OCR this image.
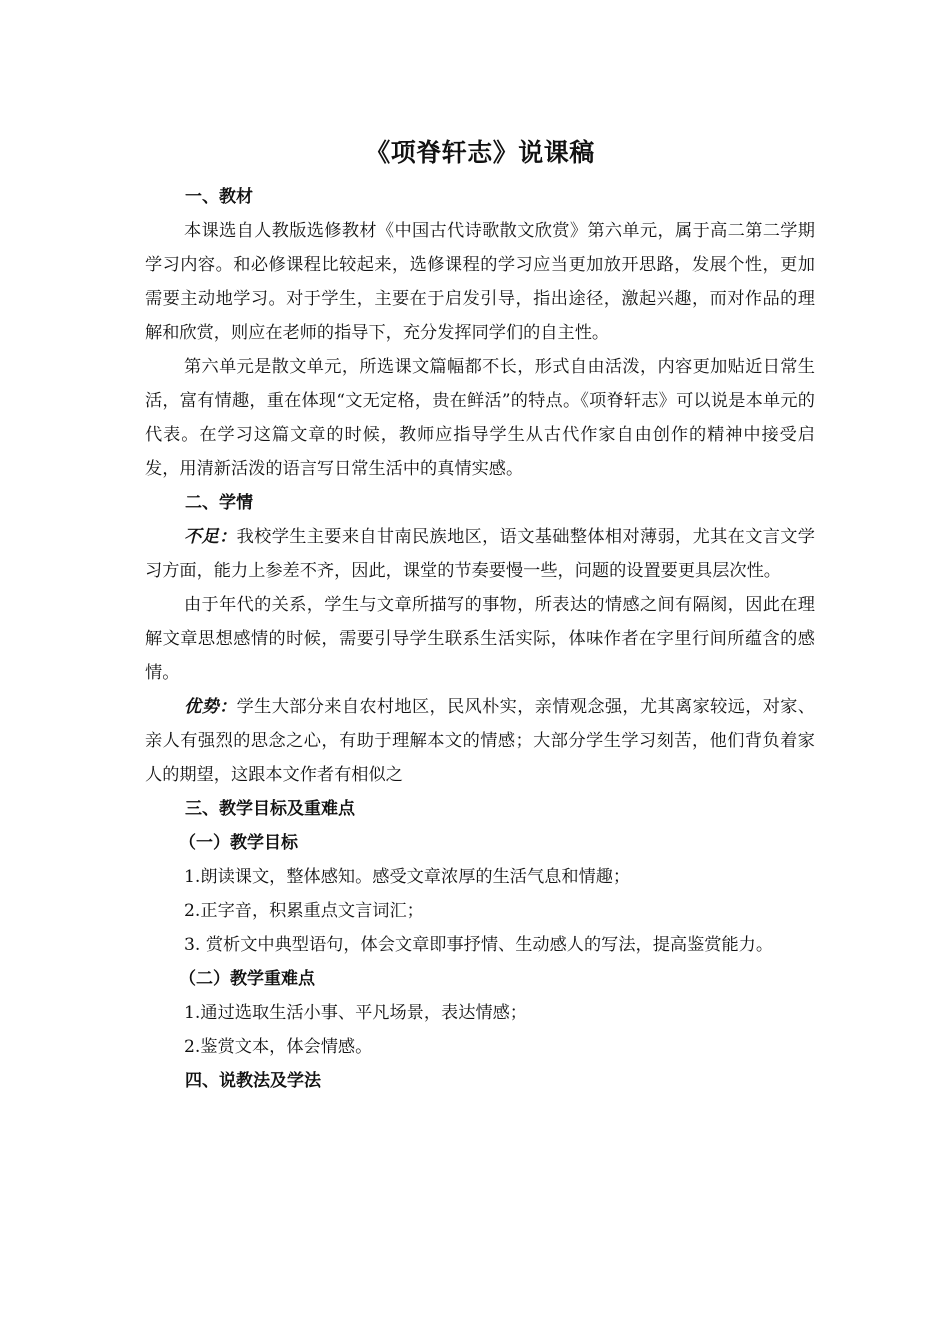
《项脊轩志》说课稿
一、教材

本课选自人教版选修教材《中国古代诗歌散文欣赏》第六单元，属于高二第二学期学习内容。和必修课程比较起来，选修课程的学习应当更加放开思路，发展个性，更加需要主动地学习。对于学生，主要在于启发引导，指出途径，激起兴趣，而对作品的理解和欣赏，则应在老师的指导下，充分发挥同学们的自主性。

第六单元是散文单元，所选课文篇幅都不长，形式自由活泼，内容更加贴近日常生活，富有情趣，重在体现“文无定格，贵在鲜活”的特点。《项脊轩志》可以说是本单元的代表。在学习这篇文章的时候，教师应指导学生从古代作家自由创作的精神中接受启发，用清新活泼的语言写日常生活中的真情实感。

二、学情

不足：我校学生主要来自甘南民族地区，语文基础整体相对薄弱，尤其在文言文学习方面，能力上参差不齐，因此，课堂的节奏要慢一些，问题的设置要更具层次性。

由于年代的关系，学生与文章所描写的事物，所表达的情感之间有隔阂，因此在理解文章思想感情的时候，需要引导学生联系生活实际，体味作者在字里行间所蕴含的感情。

优势：学生大部分来自农村地区，民风朴实，亲情观念强，尤其离家较远，对家、亲人有强烈的思念之心，有助于理解本文的情感；大部分学生学习刻苦，他们背负着家人的期望，这跟本文作者有相似之

三、教学目标及重难点
（一）教学目标

1.朗读课文，整体感知。感受文章浓厚的生活气息和情趣；

2.正字音，积累重点文言词汇；

3. 赏析文中典型语句，体会文章即事抒情、生动感人的写法，提高鉴赏能力。

（二）教学重难点

1.通过选取生活小事、平凡场景，表达情感；

2.鉴赏文本，体会情感。

四、说教法及学法
